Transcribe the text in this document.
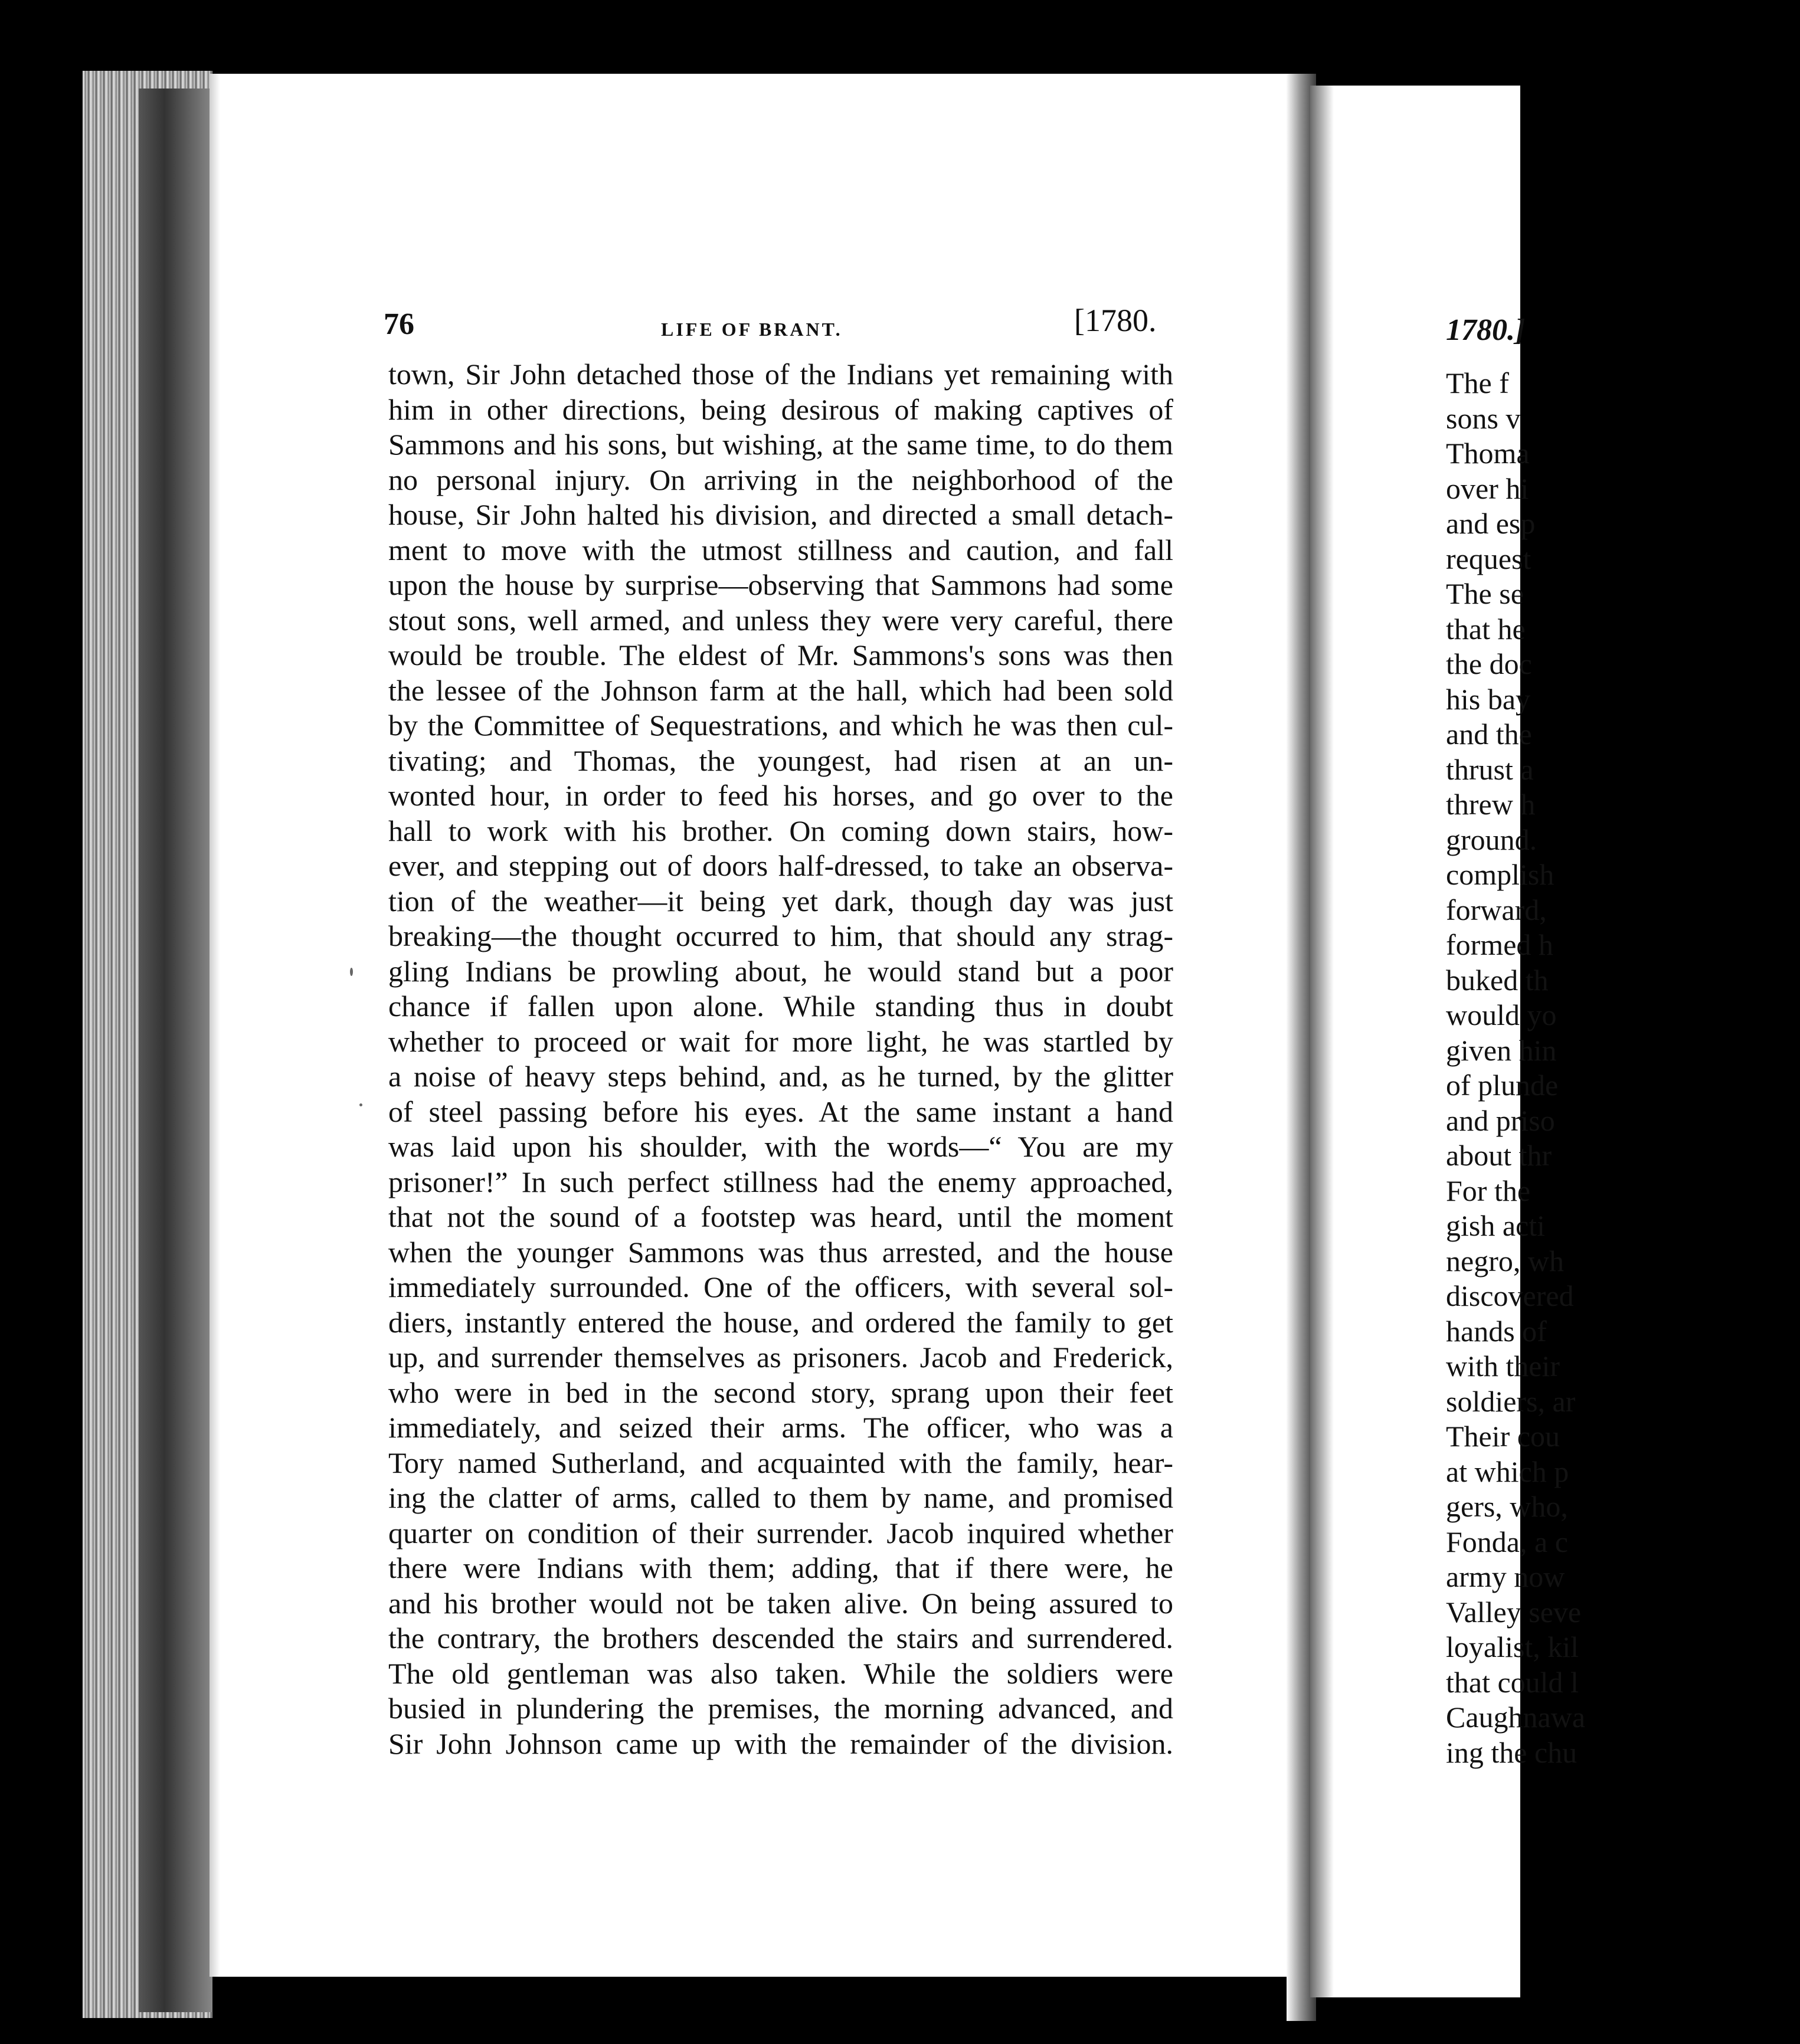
76	LIFE OF BRANT.	[1780.
town, Sir John detached those of the Indians yet remaining with
him in other directions, being desirous of making captives of
Sammons and his sons, but wishing, at the same time, to do them
no personal injury. On arriving in the neighborhood of the
house, Sir John halted his division, and directed a small detach-
ment to move with the utmost stillness and caution, and fall
upon the house by surprise—observing that Sammons had some
stout sons, well armed, and unless they were very careful, there
would be trouble. The eldest of Mr. Sammons's sons was then
the lessee of the Johnson farm at the hall, which had been sold
by the Committee of Sequestrations, and which he was then cul-
tivating; and Thomas, the youngest, had risen at an un-
wonted hour, in order to feed his horses, and go over to the
hall to work with his brother. On coming down stairs, how-
ever, and stepping out of doors half-dressed, to take an observa-
tion of the weather—it being yet dark, though day was just
breaking—the thought occurred to him, that should any strag-
gling Indians be prowling about, he would stand but a poor
chance if fallen upon alone. While standing thus in doubt
whether to proceed or wait for more light, he was startled by
a noise of heavy steps behind, and, as he turned, by the glitter
of steel passing before his eyes. At the same instant a hand
was laid upon his shoulder, with the words—“ You are my
prisoner!” In such perfect stillness had the enemy approached,
that not the sound of a footstep was heard, until the moment
when the younger Sammons was thus arrested, and the house
immediately surrounded. One of the officers, with several sol-
diers, instantly entered the house, and ordered the family to get
up, and surrender themselves as prisoners. Jacob and Frederick,
who were in bed in the second story, sprang upon their feet
immediately, and seized their arms. The officer, who was a
Tory named Sutherland, and acquainted with the family, hear-
ing the clatter of arms, called to them by name, and promised
quarter on condition of their surrender. Jacob inquired whether
there were Indians with them; adding, that if there were, he
and his brother would not be taken alive. On being assured to
the contrary, the brothers descended the stairs and surrendered.
The old gentleman was also taken. While the soldiers were
busied in plundering the premises, the morning advanced, and
Sir John Johnson came up with the remainder of the division.
1780.]
The f
sons v
Thoma
over hi
and esp
request
The se
that he
the doc
his bay
and the
thrust a
threw h
ground.
complish
forward,
formed h
buked th
would yo
given hin
of plunde
and priso
about thr
For the
gish acti
negro, wh
discovered
hands of
with their
soldiers, ar
Their cou
at which p
gers, who,
Fonda, a c
army now
Valley seve
loyalist, kil
that could l
Caughnawa
ing the chu
